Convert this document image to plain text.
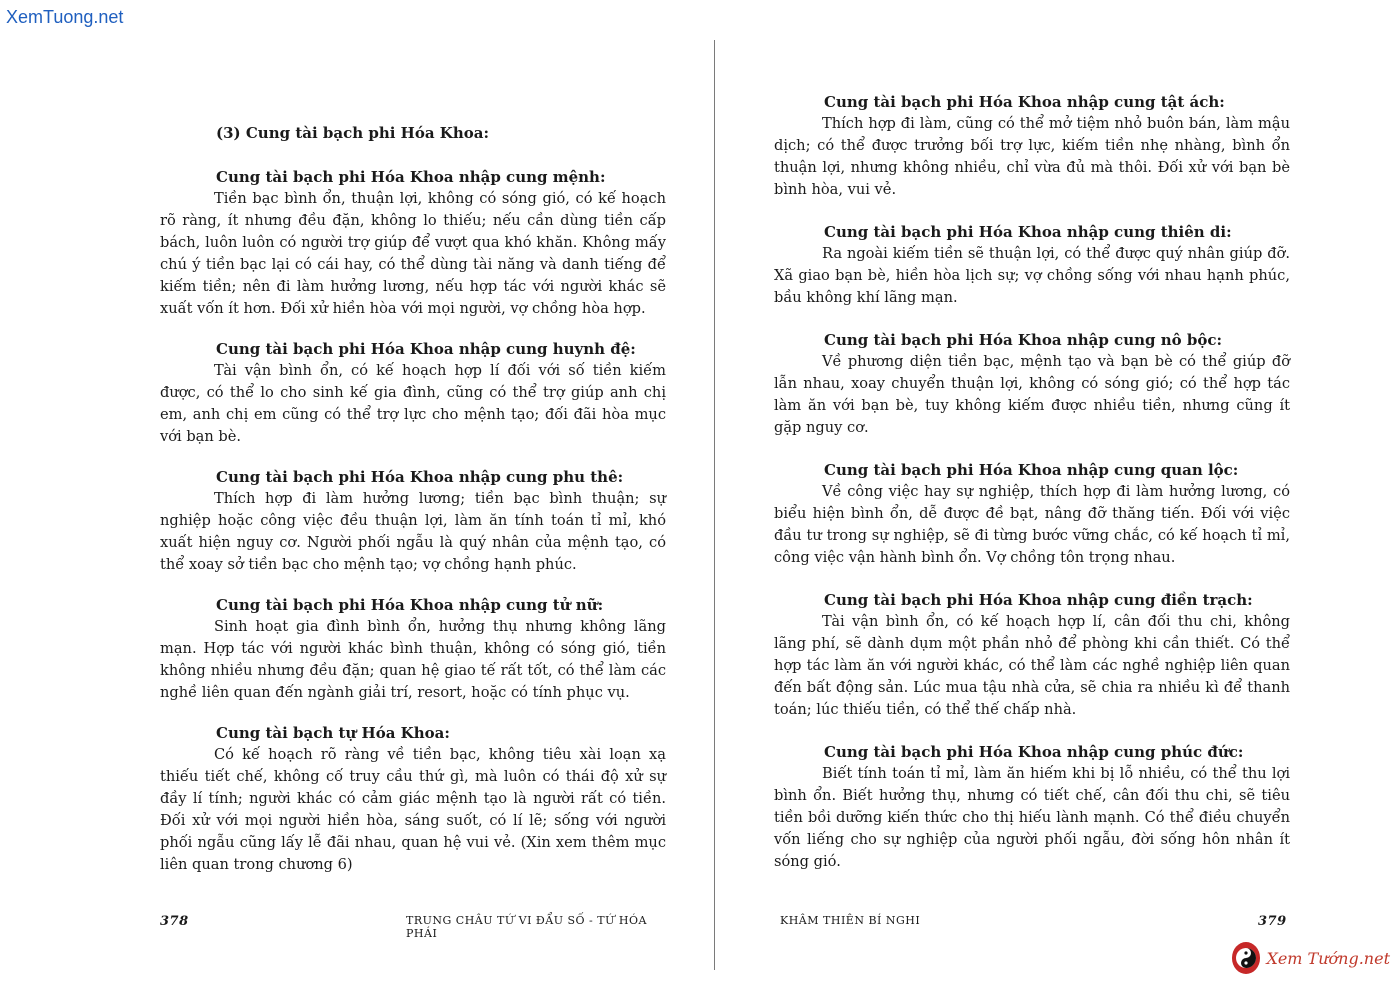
XemTuong.net

(3) Cung tài bạch phi Hóa Khoa:

Cung tài bạch phi Hóa Khoa nhập cung mệnh:

Tiền bạc bình ổn, thuận lợi, không có sóng gió, có kế hoạch rõ ràng, ít nhưng đều đặn, không lo thiếu; nếu cần dùng tiền cấp bách, luôn luôn có người trợ giúp để vượt qua khó khăn. Không mấy chú ý tiền bạc lại có cái hay, có thể dùng tài năng và danh tiếng để kiếm tiền; nên đi làm hưởng lương, nếu hợp tác với người khác sẽ xuất vốn ít hơn. Đối xử hiền hòa với mọi người, vợ chồng hòa hợp.

Cung tài bạch phi Hóa Khoa nhập cung huynh đệ:

Tài vận bình ổn, có kế hoạch hợp lí đối với số tiền kiếm được, có thể lo cho sinh kế gia đình, cũng có thể trợ giúp anh chị em, anh chị em cũng có thể trợ lực cho mệnh tạo; đối đãi hòa mục với bạn bè.

Cung tài bạch phi Hóa Khoa nhập cung phu thê:

Thích hợp đi làm hưởng lương; tiền bạc bình thuận; sự nghiệp hoặc công việc đều thuận lợi, làm ăn tính toán tỉ mỉ, khó xuất hiện nguy cơ. Người phối ngẫu là quý nhân của mệnh tạo, có thể xoay sở tiền bạc cho mệnh tạo; vợ chồng hạnh phúc.

Cung tài bạch phi Hóa Khoa nhập cung tử nữ:

Sinh hoạt gia đình bình ổn, hưởng thụ nhưng không lãng mạn. Hợp tác với người khác bình thuận, không có sóng gió, tiền không nhiều nhưng đều đặn; quan hệ giao tế rất tốt, có thể làm các nghề liên quan đến ngành giải trí, resort, hoặc có tính phục vụ.

Cung tài bạch tự Hóa Khoa:

Có kế hoạch rõ ràng về tiền bạc, không tiêu xài loạn xạ thiếu tiết chế, không cố truy cầu thứ gì, mà luôn có thái độ xử sự đầy lí tính; người khác có cảm giác mệnh tạo là người rất có tiền. Đối xử với mọi người hiền hòa, sáng suốt, có lí lẽ; sống với người phối ngẫu cũng lấy lễ đãi nhau, quan hệ vui vẻ. (Xin xem thêm mục liên quan trong chương 6)

378	TRUNG CHÂU TỨ VI ĐẨU SỐ - TỨ HÓA PHÁI

Cung tài bạch phi Hóa Khoa nhập cung tật ách:

Thích hợp đi làm, cũng có thể mở tiệm nhỏ buôn bán, làm mậu dịch; có thể được trưởng bối trợ lực, kiếm tiền nhẹ nhàng, bình ổn thuận lợi, nhưng không nhiều, chỉ vừa đủ mà thôi. Đối xử với bạn bè bình hòa, vui vẻ.

Cung tài bạch phi Hóa Khoa nhập cung thiên di:

Ra ngoài kiếm tiền sẽ thuận lợi, có thể được quý nhân giúp đỡ. Xã giao bạn bè, hiền hòa lịch sự; vợ chồng sống với nhau hạnh phúc, bầu không khí lãng mạn.

Cung tài bạch phi Hóa Khoa nhập cung nô bộc:

Về phương diện tiền bạc, mệnh tạo và bạn bè có thể giúp đỡ lẫn nhau, xoay chuyển thuận lợi, không có sóng gió; có thể hợp tác làm ăn với bạn bè, tuy không kiếm được nhiều tiền, nhưng cũng ít gặp nguy cơ.

Cung tài bạch phi Hóa Khoa nhập cung quan lộc:

Về công việc hay sự nghiệp, thích hợp đi làm hưởng lương, có biểu hiện bình ổn, dễ được đề bạt, nâng đỡ thăng tiến. Đối với việc đầu tư trong sự nghiệp, sẽ đi từng bước vững chắc, có kế hoạch tỉ mỉ, công việc vận hành bình ổn. Vợ chồng tôn trọng nhau.

Cung tài bạch phi Hóa Khoa nhập cung điền trạch:

Tài vận bình ổn, có kế hoạch hợp lí, cân đối thu chi, không lãng phí, sẽ dành dụm một phần nhỏ để phòng khi cần thiết. Có thể hợp tác làm ăn với người khác, có thể làm các nghề nghiệp liên quan đến bất động sản. Lúc mua tậu nhà cửa, sẽ chia ra nhiều kì để thanh toán; lúc thiếu tiền, có thể thế chấp nhà.

Cung tài bạch phi Hóa Khoa nhập cung phúc đức:

Biết tính toán tỉ mỉ, làm ăn hiếm khi bị lỗ nhiều, có thể thu lợi bình ổn. Biết hưởng thụ, nhưng có tiết chế, cân đối thu chi, sẽ tiêu tiền bồi dưỡng kiến thức cho thị hiếu lành mạnh. Có thể điều chuyển vốn liếng cho sự nghiệp của người phối ngẫu, đời sống hôn nhân ít sóng gió.

KHÂM THIÊN BÍ NGHI	379
Xem Tướng.net
